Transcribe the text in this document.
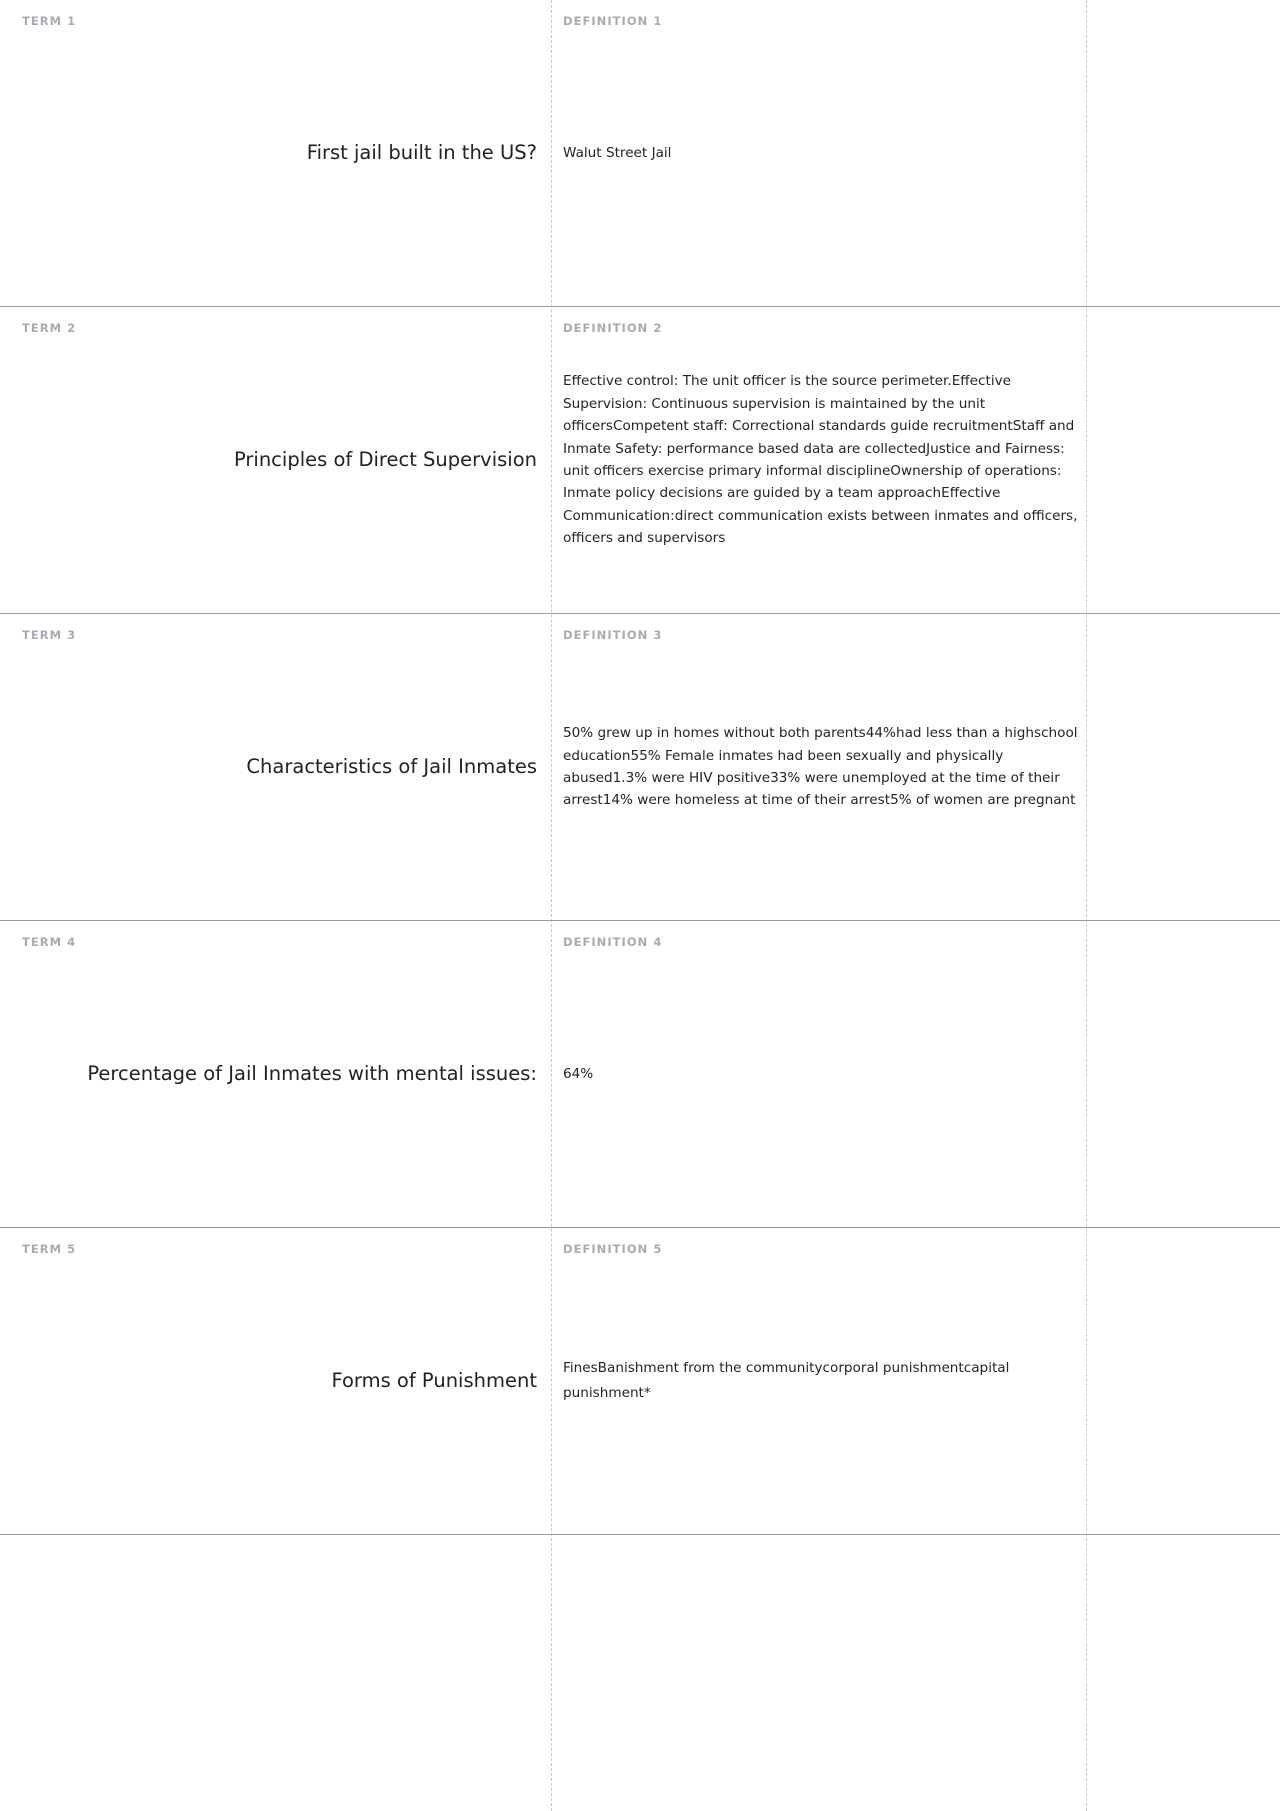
TERM 1
First jail built in the US?
DEFINITION 1
Walut Street Jail
TERM 2
Principles of Direct Supervision
DEFINITION 2
Effective control: The unit officer is the source perimeter.Effective Supervision: Continuous supervision is maintained by the unit officersCompetent staff: Correctional standards guide recruitmentStaff and Inmate Safety: performance based data are collectedJustice and Fairness: unit officers exercise primary informal disciplineOwnership of operations: Inmate policy decisions are guided by a team approachEffective Communication:direct communication exists between inmates and officers, officers and supervisors
TERM 3
Characteristics of Jail Inmates
DEFINITION 3
50% grew up in homes without both parents44%had less than a highschool education55% Female inmates had been sexually and physically abused1.3% were HIV positive33% were unemployed at the time of their arrest14% were homeless at time of their arrest5% of women are pregnant
TERM 4
Percentage of Jail Inmates with mental issues:
DEFINITION 4
64%
TERM 5
Forms of Punishment
DEFINITION 5
FinesBanishment from the communitycorporal punishmentcapital punishment*
